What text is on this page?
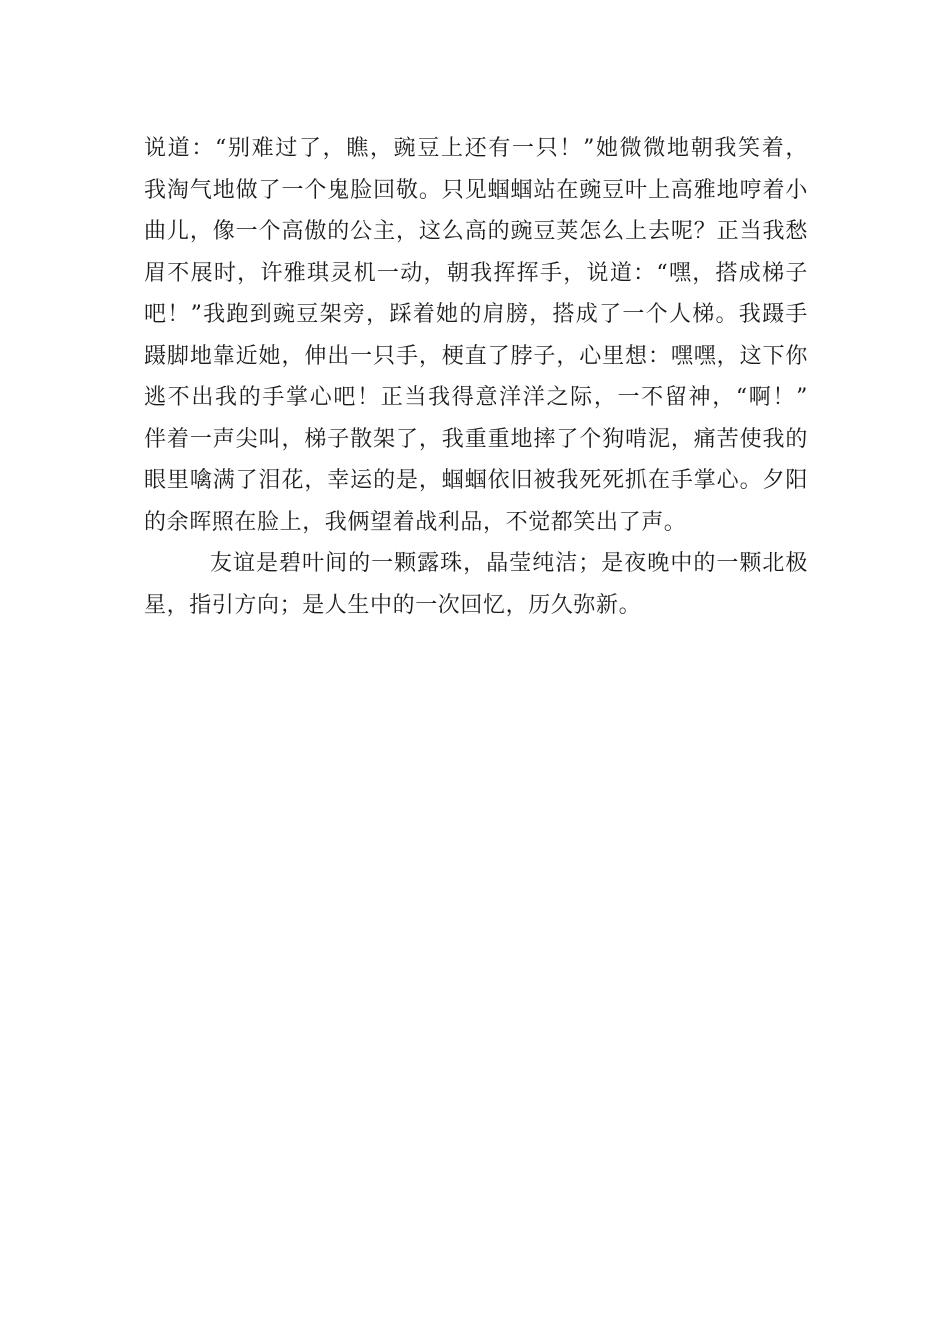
说道：“别难过了，瞧，豌豆上还有一只！”她微微地朝我笑着，
我淘气地做了一个鬼脸回敬。只见蝈蝈站在豌豆叶上高雅地哼着小
曲儿，像一个高傲的公主，这么高的豌豆荚怎么上去呢？正当我愁
眉不展时，许雅琪灵机一动，朝我挥挥手，说道：“嘿，搭成梯子
吧！”我跑到豌豆架旁，踩着她的肩膀，搭成了一个人梯。我蹑手
蹑脚地靠近她，伸出一只手，梗直了脖子，心里想：嘿嘿，这下你
逃不出我的手掌心吧！正当我得意洋洋之际，一不留神，“啊！”
伴着一声尖叫，梯子散架了，我重重地摔了个狗啃泥，痛苦使我的
眼里噙满了泪花，幸运的是，蝈蝈依旧被我死死抓在手掌心。夕阳
的余晖照在脸上，我俩望着战利品，不觉都笑出了声。
友谊是碧叶间的一颗露珠，晶莹纯洁；是夜晚中的一颗北极
星，指引方向；是人生中的一次回忆，历久弥新。
